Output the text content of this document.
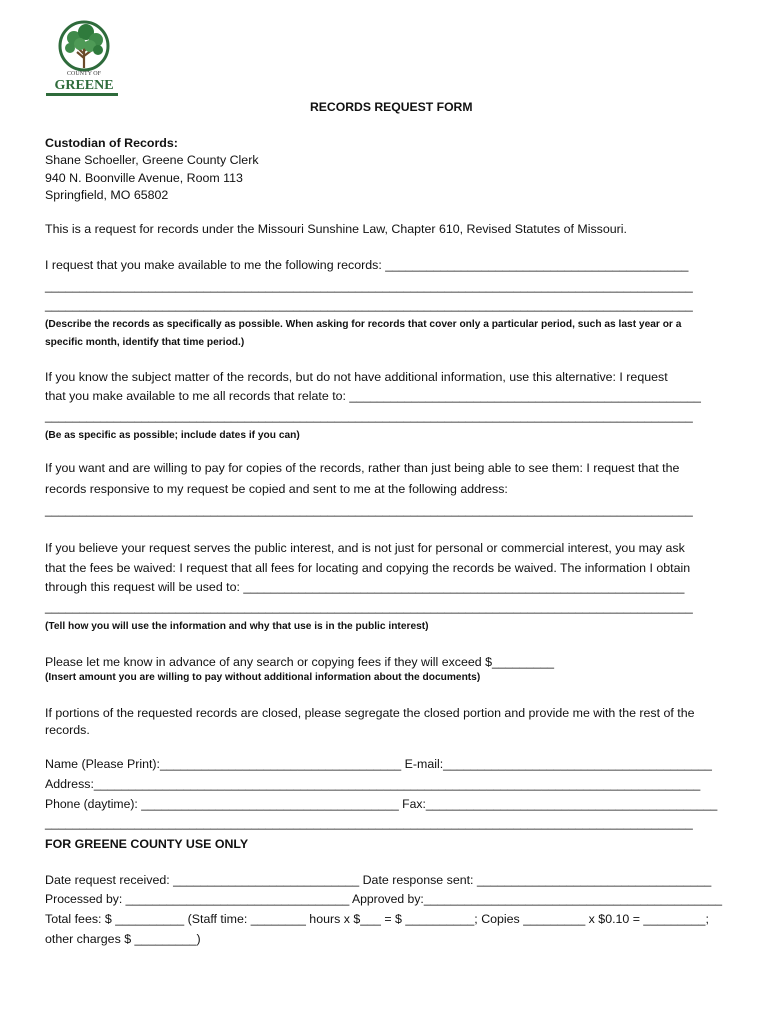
COUNTY OF
GREENE
RECORDS REQUEST FORM
Custodian of Records:
Shane Schoeller, Greene County Clerk
940 N. Boonville Avenue, Room 113
Springfield, MO 65802
This is a request for records under the Missouri Sunshine Law, Chapter 610, Revised Statutes of Missouri.
I request that you make available to me the following records: ____________________________________________
______________________________________________________________________________________________
______________________________________________________________________________________________
(Describe the records as specifically as possible. When asking for records that cover only a particular period, such as last year or a
specific month, identify that time period.)
If you know the subject matter of the records, but do not have additional information, use this alternative: I request
that you make available to me all records that relate to: ___________________________________________________
______________________________________________________________________________________________
(Be as specific as possible; include dates if you can)
If you want and are willing to pay for copies of the records, rather than just being able to see them: I request that the
records responsive to my request be copied and sent to me at the following address:
______________________________________________________________________________________________
If you believe your request serves the public interest, and is not just for personal or commercial interest, you may ask
that the fees be waived: I request that all fees for locating and copying the records be waived. The information I obtain
through this request will be used to: ________________________________________________________________
______________________________________________________________________________________________
(Tell how you will use the information and why that use is in the public interest)
Please let me know in advance of any search or copying fees if they will exceed $_________
(Insert amount you are willing to pay without additional information about the documents)
If portions of the requested records are closed, please segregate the closed portion and provide me with the rest of the
records.
Name (Please Print):___________________________________ E-mail:_______________________________________
Address:________________________________________________________________________________________
Phone (daytime): ______________________________________ Fax:___________________________________________
______________________________________________________________________________________________
FOR GREENE COUNTY USE ONLY
Date request received: ___________________________ Date response sent: __________________________________
Processed by: _________________________________ Approved by:____________________________________________
Total fees: $ __________ (Staff time: ________ hours x $___ = $ __________; Copies _________ x $0.10 = _________;
other charges $ _________)
